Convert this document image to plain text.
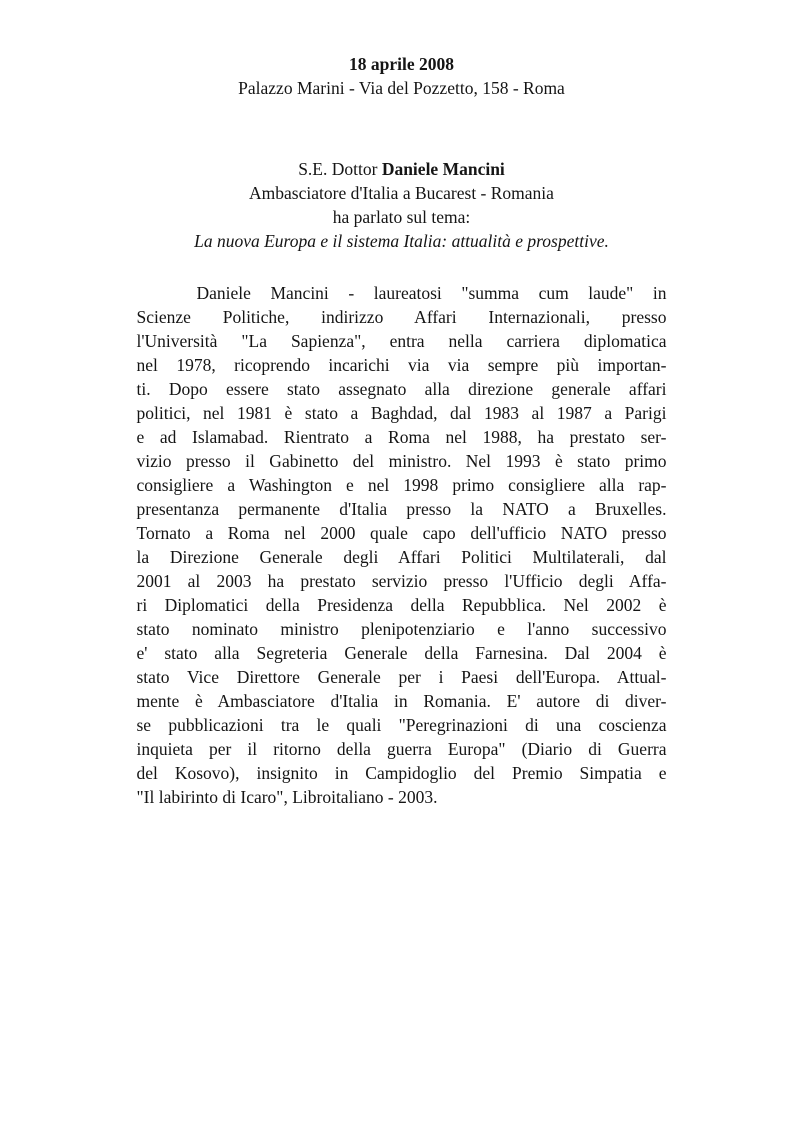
18 aprile 2008
Palazzo Marini - Via del Pozzetto, 158 - Roma
S.E. Dottor Daniele Mancini
Ambasciatore d'Italia a Bucarest - Romania
ha parlato sul tema:
La nuova Europa e il sistema Italia: attualità e prospettive.
Daniele Mancini - laureatosi "summa cum laude" in
Scienze Politiche, indirizzo Affari Internazionali, presso
l'Università "La Sapienza", entra nella carriera diplomatica
nel 1978, ricoprendo incarichi via via sempre più importan-
ti. Dopo essere stato assegnato alla direzione generale affari
politici, nel 1981 è stato a Baghdad, dal 1983 al 1987 a Parigi
e ad Islamabad. Rientrato a Roma nel 1988, ha prestato ser-
vizio presso il Gabinetto del ministro. Nel 1993 è stato primo
consigliere a Washington e nel 1998 primo consigliere alla rap-
presentanza permanente d'Italia presso la NATO a Bruxelles.
Tornato a Roma nel 2000 quale capo dell'ufficio NATO presso
la Direzione Generale degli Affari Politici Multilaterali, dal
2001 al 2003 ha prestato servizio presso l'Ufficio degli Affa-
ri Diplomatici della Presidenza della Repubblica. Nel 2002 è
stato nominato ministro plenipotenziario e l'anno successivo
e' stato alla Segreteria Generale della Farnesina. Dal 2004 è
stato Vice Direttore Generale per i Paesi dell'Europa. Attual-
mente è Ambasciatore d'Italia in Romania. E' autore di diver-
se pubblicazioni tra le quali "Peregrinazioni di una coscienza
inquieta per il ritorno della guerra Europa" (Diario di Guerra
del Kosovo), insignito in Campidoglio del Premio Simpatia e
"Il labirinto di Icaro", Libroitaliano - 2003.
